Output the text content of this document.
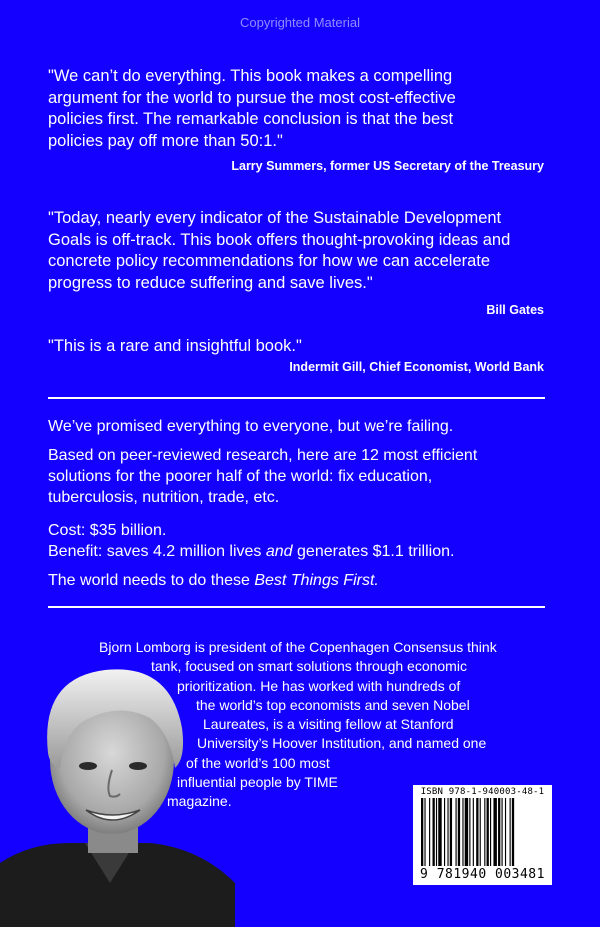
Copyrighted Material
"We can’t do everything. This book makes a compelling
argument for the world to pursue the most cost-effective
policies first. The remarkable conclusion is that the best
policies pay off more than 50:1."
Larry Summers, former US Secretary of the Treasury
"Today, nearly every indicator of the Sustainable Development
Goals is off-track. This book offers thought-provoking ideas and
concrete policy recommendations for how we can accelerate
progress to reduce suffering and save lives."
Bill Gates
"This is a rare and insightful book."
Indermit Gill, Chief Economist, World Bank
We’ve promised everything to everyone, but we’re failing.
Based on peer-reviewed research, here are 12 most efficient
solutions for the poorer half of the world: fix education,
tuberculosis, nutrition, trade, etc.
Cost: $35 billion.
Benefit: saves 4.2 million lives and generates $1.1 trillion.
The world needs to do these Best Things First.
Bjorn Lomborg is president of the Copenhagen Consensus think
tank, focused on smart solutions through economic
prioritization. He has worked with hundreds of
the world’s top economists and seven Nobel
Laureates, is a visiting fellow at Stanford
University’s Hoover Institution, and named one
of the world’s 100 most
influential people by TIME
magazine.
ISBN 978-1-940003-48-1
9 781940 003481
